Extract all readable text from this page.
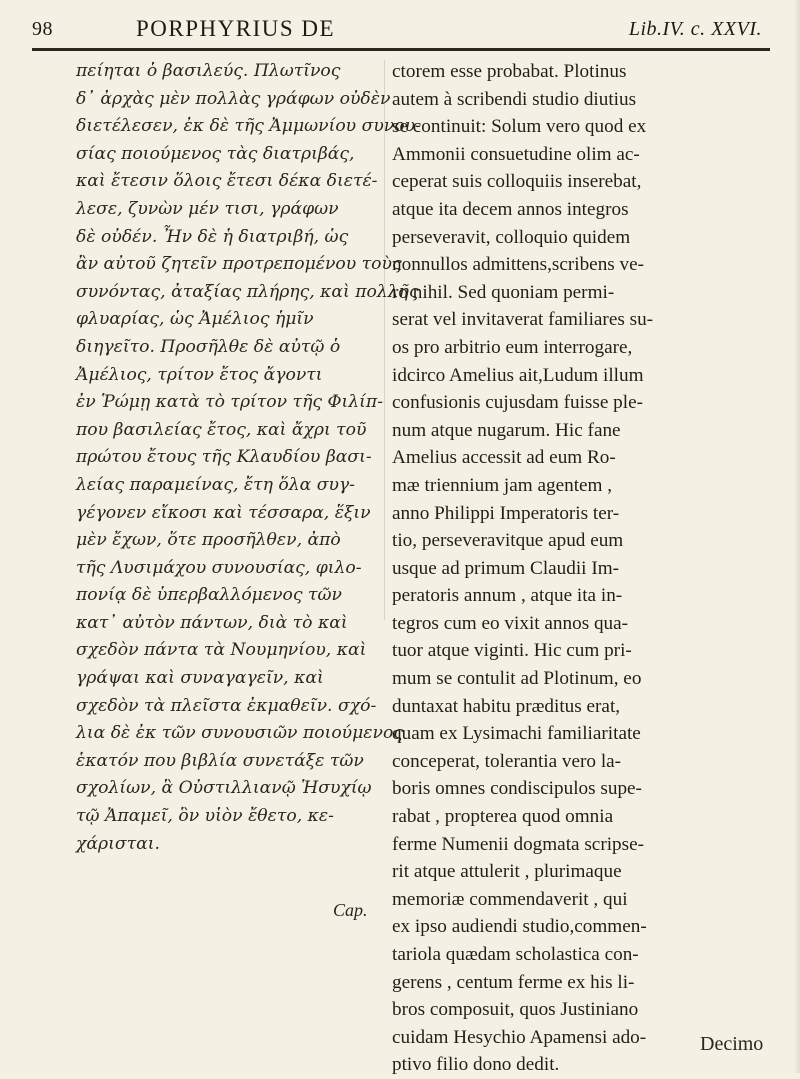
98	PORPHYRIUS DE	Lib.IV. c. XXVI.
πείηται ὁ βασιλεύς. Πλωτῖνος
δ᾽ ἀρχὰς μὲν πολλὰς γράφων οὐδὲν
διετέλεσεν, ἐκ δὲ τῆς Ἀμμωνίου συνου-
σίας ποιούμενος τὰς διατριβάς,
καὶ ἔτεσιν ὅλοις ἔτεσι δέκα διετέ-
λεσε, ζυνὼν μέν τισι, γράφων
δὲ οὐδέν. Ἦν δὲ ἡ διατριβή, ὡς
ἂν αὐτοῦ ζητεῖν προτρεπομένου τοὺς
συνόντας, ἀταξίας πλήρης, καὶ πολλῆς
φλυαρίας, ὡς Ἀμέλιος ἡμῖν
διηγεῖτο. Προσῆλθε δὲ αὐτῷ ὁ
Ἀμέλιος, τρίτον ἔτος ἄγοντι
ἐν Ῥώμῃ κατὰ τὸ τρίτον τῆς Φιλίπ-
που βασιλείας ἔτος, καὶ ἄχρι τοῦ
πρώτου ἔτους τῆς Κλαυδίου βασι-
λείας παραμείνας, ἔτη ὅλα συγ-
γέγονεν εἴκοσι καὶ τέσσαρα, ἕξιν
μὲν ἔχων, ὅτε προσῆλθεν, ἀπὸ
τῆς Λυσιμάχου συνουσίας, φιλο-
πονίᾳ δὲ ὑπερβαλλόμενος τῶν
κατ᾽ αὐτὸν πάντων, διὰ τὸ καὶ
σχεδὸν πάντα τὰ Νουμηνίου, καὶ
γράψαι καὶ συναγαγεῖν, καὶ
σχεδὸν τὰ πλεῖστα ἐκμαθεῖν. σχό-
λια δὲ ἐκ τῶν συνουσιῶν ποιούμενος
ἑκατόν που βιβλία συνετάξε τῶν
σχολίων, ἃ Οὐστιλλιανῷ Ἡσυχίῳ
τῷ Ἀπαμεῖ, ὃν υἱὸν ἔθετο, κε-
χάρισται.
ctorem esse probabat. Plotinus
autem à scribendi studio diutius
se continuit: Solum vero quod ex
Ammonii consuetudine olim ac-
ceperat suis colloquiis inserebat,
atque ita decem annos integros
perseveravit, colloquio quidem
nonnullos admittens,scribens ve-
ro nihil. Sed quoniam permi-
serat vel invitaverat familiares su-
os pro arbitrio eum interrogare,
idcirco Amelius ait,Ludum illum
confusionis cujusdam fuisse ple-
num atque nugarum. Hic fane
Amelius accessit ad eum Ro-
mæ triennium jam agentem ,
anno Philippi Imperatoris ter-
tio, perseveravitque apud eum
usque ad primum Claudii Im-
peratoris annum , atque ita in-
tegros cum eo vixit annos qua-
tuor atque viginti. Hic cum pri-
mum se contulit ad Plotinum, eo
duntaxat habitu præditus erat,
quam ex Lysimachi familiaritate
conceperat, tolerantia vero la-
boris omnes condiscipulos supe-
rabat , propterea quod omnia
ferme Numenii dogmata scripse-
rit atque attulerit , plurimaque
memoriæ commendaverit , qui
ex ipso audiendi studio,commen-
tariola quædam scholastica con-
gerens , centum ferme ex his li-
bros composuit, quos Justiniano
cuidam Hesychio Apamensi ado-
ptivo filio dono dedit.
Cap.
Decimo
